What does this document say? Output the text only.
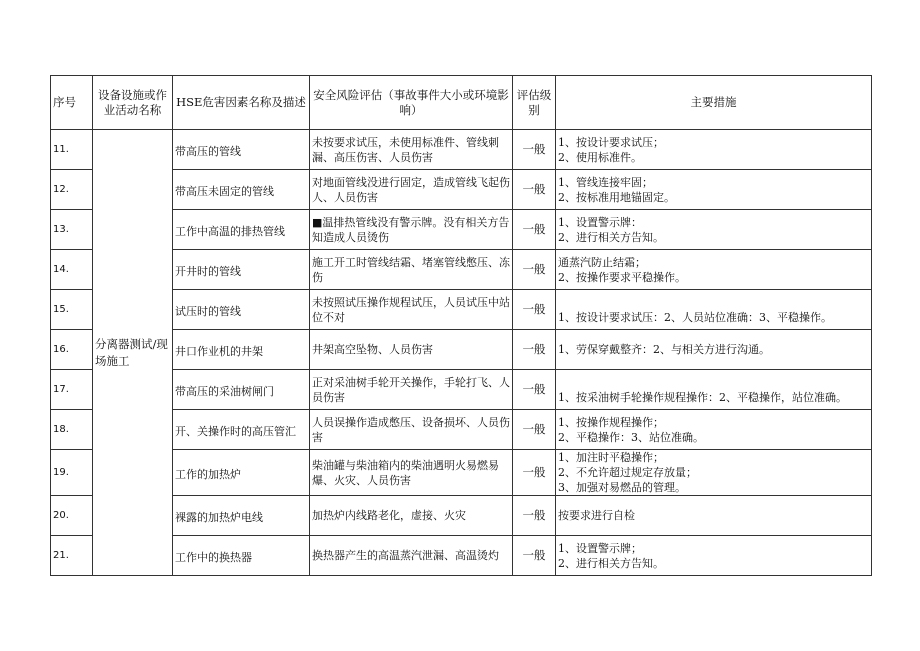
序号	设备设施或作业活动名称	HSE危害因素名称及描述	安全风险评估（事故事件大小或环境影响）	评估级别	主要措施
11.	分离器测试/现场施工	带高压的管线	未按要求试压，未使用标准件、管线刺漏、高压伤害、人员伤害	一般	1、按设计要求试压；
2、使用标准件。

12.		带高压未固定的管线	对地面管线没进行固定，造成管线飞起伤人、人员伤害	一般	1、管线连接牢固；
2、按标准用地锚固定。

13.		工作中高温的排热管线	■温排热管线没有警示牌。没有相关方告知造成人员烫伤	一般	1、设置警示牌：
2、进行相关方告知。

14.		开井时的管线	施工开工时管线结霜、堵塞管线憋压、冻伤	一般	通蒸汽防止结霜；
2、按操作要求平稳操作。

15.		试压时的管线	未按照试压操作规程试压，人员试压中站位不对	一般	1、按设计要求试压：2、人员站位准确：3、平稳操作。

16.		井口作业机的井架	井架高空坠物、人员伤害	一般	1、劳保穿戴整齐：2、与相关方进行沟通。

17.		带高压的采油树闸门	正对采油树手轮开关操作，手轮打飞、人员伤害	一般	1、按采油树手轮操作规程操作：2、平稳操作，站位准确。

18.		开、关操作时的高压管汇	人员误操作造成憋压、设备损坏、人员伤害	一般	1、按操作规程操作；
2、平稳操作：3、站位准确。

19.		工作的加热炉	柴油罐与柴油箱内的柴油遇明火易燃易爆、火灾、人员伤害	一般	1、加注时平稳操作；
2、不允许超过规定存放量；
3、加强对易燃品的管理。

20.		裸露的加热炉电线	加热炉内线路老化，虚接、火灾	一般	按要求进行自检

21.		工作中的换热器	换热器产生的高温蒸汽泄漏、高温烫灼	一般	1、设置警示牌；
2、进行相关方告知。
